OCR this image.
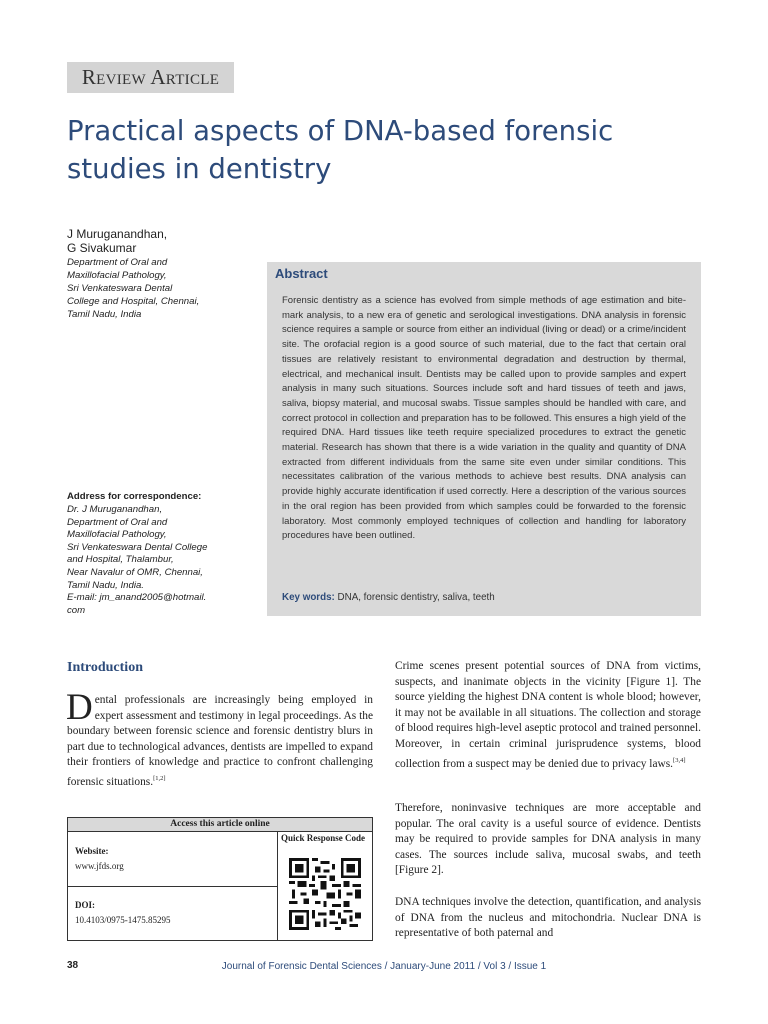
Review Article
Practical aspects of DNA-based forensic
studies in dentistry
J Muruganandhan,
G Sivakumar
Department of Oral and
Maxillofacial Pathology,
Sri Venkateswara Dental
College and Hospital, Chennai,
Tamil Nadu, India
Address for correspondence:
Dr. J Muruganandhan,
Department of Oral and
Maxillofacial Pathology,
Sri Venkateswara Dental College
and Hospital, Thalambur,
Near Navalur of OMR, Chennai,
Tamil Nadu, India.
E-mail: jm_anand2005@hotmail.
com
Abstract
Forensic dentistry as a science has evolved from simple methods of age estimation and bite-mark analysis, to a new era of genetic and serological investigations. DNA analysis in forensic science requires a sample or source from either an individual (living or dead) or a crime/incident site. The orofacial region is a good source of such material, due to the fact that certain oral tissues are relatively resistant to environmental degradation and destruction by thermal, electrical, and mechanical insult. Dentists may be called upon to provide samples and expert analysis in many such situations. Sources include soft and hard tissues of teeth and jaws, saliva, biopsy material, and mucosal swabs. Tissue samples should be handled with care, and correct protocol in collection and preparation has to be followed. This ensures a high yield of the required DNA. Hard tissues like teeth require specialized procedures to extract the genetic material. Research has shown that there is a wide variation in the quality and quantity of DNA extracted from different individuals from the same site even under similar conditions. This necessitates calibration of the various methods to achieve best results. DNA analysis can provide highly accurate identification if used correctly. Here a description of the various sources in the oral region has been provided from which samples could be forwarded to the forensic laboratory. Most commonly employed techniques of collection and handling for laboratory procedures have been outlined.
Key words: DNA, forensic dentistry, saliva, teeth
Introduction
Dental professionals are increasingly being employed in expert assessment and testimony in legal proceedings. As the boundary between forensic science and forensic dentistry blurs in part due to technological advances, dentists are impelled to expand their frontiers of knowledge and practice to confront challenging forensic situations.[1,2]
Crime scenes present potential sources of DNA from victims, suspects, and inanimate objects in the vicinity [Figure 1]. The source yielding the highest DNA content is whole blood; however, it may not be available in all situations. The collection and storage of blood requires high-level aseptic protocol and trained personnel. Moreover, in certain criminal jurisprudence systems, blood collection from a suspect may be denied due to privacy laws.[3,4]
Therefore, noninvasive techniques are more acceptable and popular. The oral cavity is a useful source of evidence. Dentists may be required to provide samples for DNA analysis in many cases. The sources include saliva, mucosal swabs, and teeth [Figure 2].
DNA techniques involve the detection, quantification, and analysis of DNA from the nucleus and mitochondria. Nuclear DNA is representative of both paternal and
Access this article online
Website:
www.jfds.org
DOI:
10.4103/0975-1475.85295
Quick Response Code
38	Journal of Forensic Dental Sciences / January-June 2011 / Vol 3 / Issue 1
